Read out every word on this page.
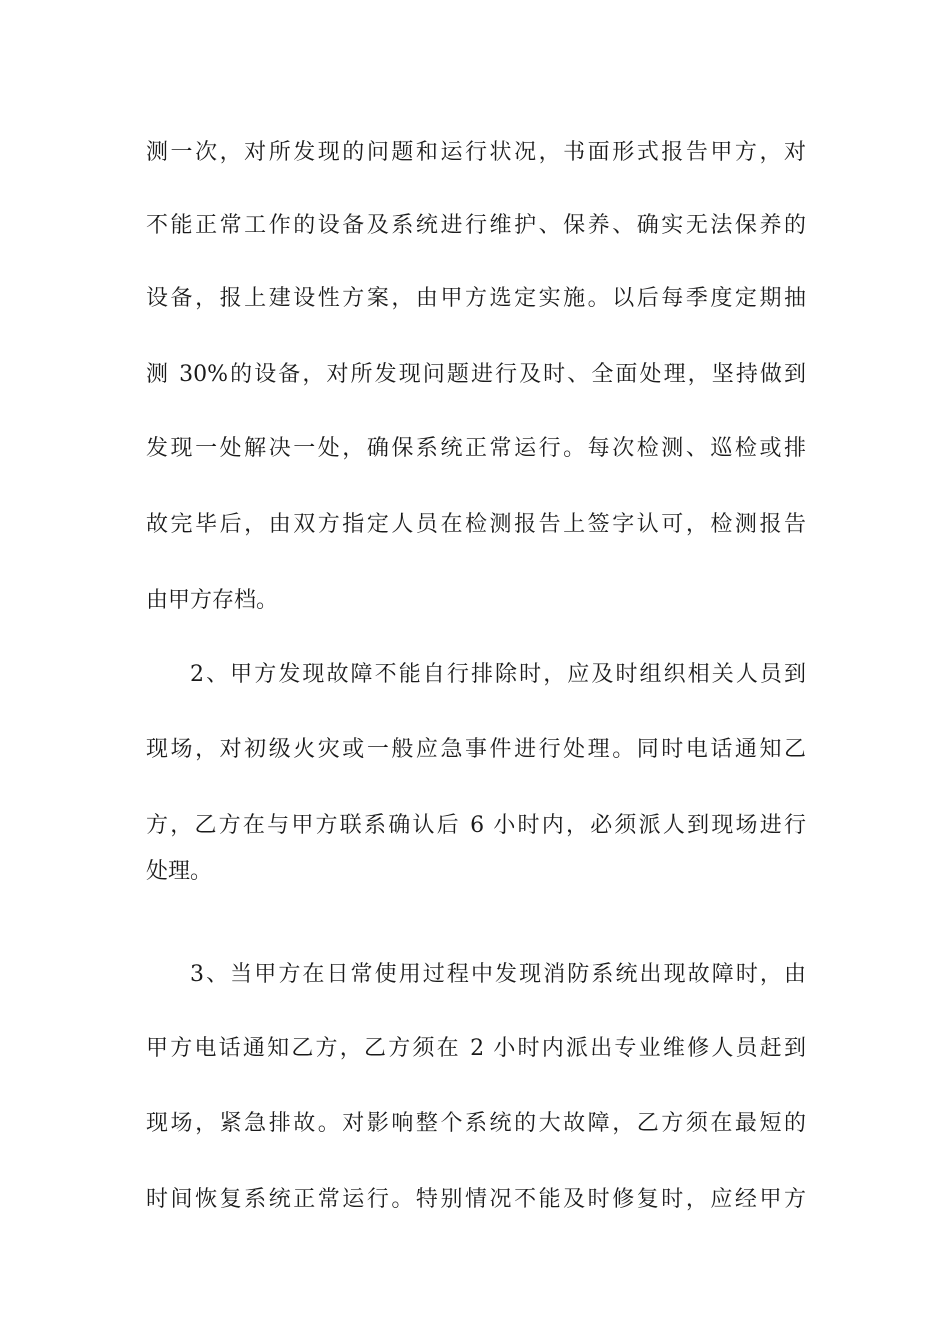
测一次，对所发现的问题和运行状况，书面形式报告甲方，对
不能正常工作的设备及系统进行维护、保养、确实无法保养的
设备，报上建设性方案，由甲方选定实施。以后每季度定期抽
测 30%的设备，对所发现问题进行及时、全面处理，坚持做到
发现一处解决一处，确保系统正常运行。每次检测、巡检或排
故完毕后，由双方指定人员在检测报告上签字认可，检测报告
由甲方存档。
2、甲方发现故障不能自行排除时，应及时组织相关人员到
现场，对初级火灾或一般应急事件进行处理。同时电话通知乙
方，乙方在与甲方联系确认后 6 小时内，必须派人到现场进行
处理。
3、当甲方在日常使用过程中发现消防系统出现故障时，由
甲方电话通知乙方，乙方须在 2 小时内派出专业维修人员赶到
现场，紧急排故。对影响整个系统的大故障，乙方须在最短的
时间恢复系统正常运行。特别情况不能及时修复时，应经甲方
